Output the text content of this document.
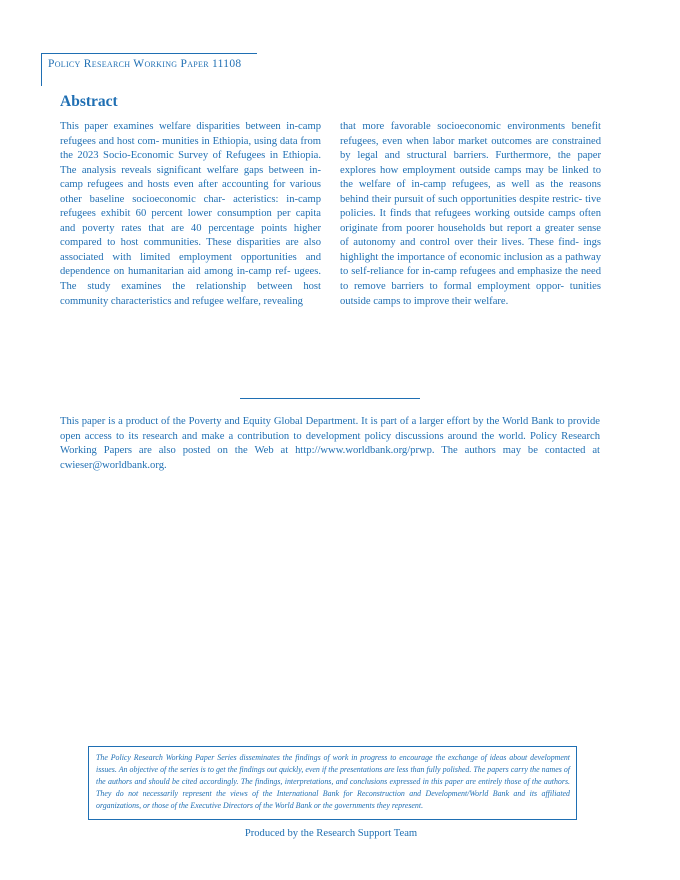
Policy Research Working Paper 11108
Abstract

This paper examines welfare disparities between in-camp refugees and host com- munities in Ethiopia, using data from the 2023 Socio-Economic Survey of Refugees in Ethiopia. The analysis reveals significant welfare gaps between in-camp refugees and hosts even after accounting for various other baseline socioeconomic char- acteristics: in-camp refugees exhibit 60 percent lower consumption per capita and poverty rates that are 40 percentage points higher compared to host communities. These disparities are also associated with limited employment opportunities and dependence on humanitarian aid among in-camp ref- ugees. The study examines the relationship between host community characteristics and refugee welfare, revealing

that more favorable socioeconomic environments benefit refugees, even when labor market outcomes are constrained by legal and structural barriers. Furthermore, the paper explores how employment outside camps may be linked to the welfare of in-camp refugees, as well as the reasons behind their pursuit of such opportunities despite restric- tive policies. It finds that refugees working outside camps often originate from poorer households but report a greater sense of autonomy and control over their lives. These find- ings highlight the importance of economic inclusion as a pathway to self-reliance for in-camp refugees and emphasize the need to remove barriers to formal employment oppor- tunities outside camps to improve their welfare.

This paper is a product of the Poverty and Equity Global Department. It is part of a larger effort by the World Bank to provide open access to its research and make a contribution to development policy discussions around the world. Policy Research Working Papers are also posted on the Web at http://www.worldbank.org/prwp. The authors may be contacted at cwieser@worldbank.org.

The Policy Research Working Paper Series disseminates the findings of work in progress to encourage the exchange of ideas about development issues. An objective of the series is to get the findings out quickly, even if the presentations are less than fully polished. The papers carry the names of the authors and should be cited accordingly. The findings, interpretations, and conclusions expressed in this paper are entirely those of the authors. They do not necessarily represent the views of the International Bank for Reconstruction and Development/World Bank and its affiliated organizations, or those of the Executive Directors of the World Bank or the governments they represent.

Produced by the Research Support Team
